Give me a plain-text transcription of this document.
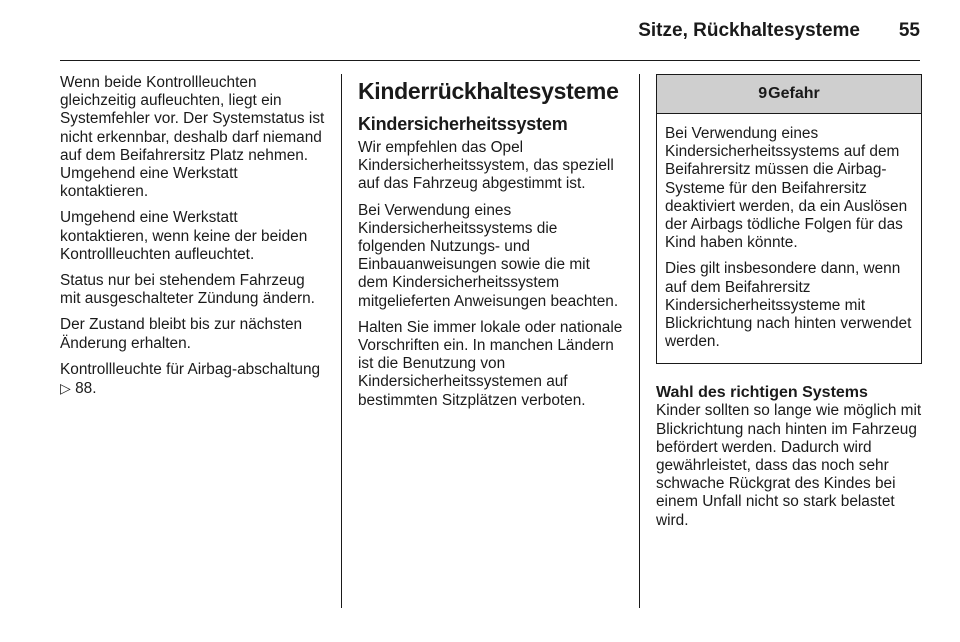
Sitze, Rückhaltesysteme 55

Wenn beide Kontrollleuchten gleichzeitig aufleuchten, liegt ein Systemfehler vor. Der Systemstatus ist nicht erkennbar, deshalb darf niemand auf dem Beifahrersitz Platz nehmen. Umgehend eine Werkstatt kontaktieren.

Umgehend eine Werkstatt kontaktieren, wenn keine der beiden Kontrollleuchten aufleuchtet.

Status nur bei stehendem Fahrzeug mit ausgeschalteter Zündung ändern.

Der Zustand bleibt bis zur nächsten Änderung erhalten.

Kontrollleuchte für Airbag-abschaltung ▷ 88.

Kinderrückhaltesysteme
Kindersicherheitssystem

Wir empfehlen das Opel Kindersicherheitssystem, das speziell auf das Fahrzeug abgestimmt ist.

Bei Verwendung eines Kindersicherheitssystems die folgenden Nutzungs- und Einbauanweisungen sowie die mit dem Kindersicherheitssystem mitgelieferten Anweisungen beachten.

Halten Sie immer lokale oder nationale Vorschriften ein. In manchen Ländern ist die Benutzung von Kindersicherheitssystemen auf bestimmten Sitzplätzen verboten.

9 Gefahr

Bei Verwendung eines Kindersicherheitssystems auf dem Beifahrersitz müssen die Airbag-Systeme für den Beifahrersitz deaktiviert werden, da ein Auslösen der Airbags tödliche Folgen für das Kind haben könnte.

Dies gilt insbesondere dann, wenn auf dem Beifahrersitz Kindersicherheitssysteme mit Blickrichtung nach hinten verwendet werden.

Wahl des richtigen Systems

Kinder sollten so lange wie möglich mit Blickrichtung nach hinten im Fahrzeug befördert werden. Dadurch wird gewährleistet, dass das noch sehr schwache Rückgrat des Kindes bei einem Unfall nicht so stark belastet wird.
